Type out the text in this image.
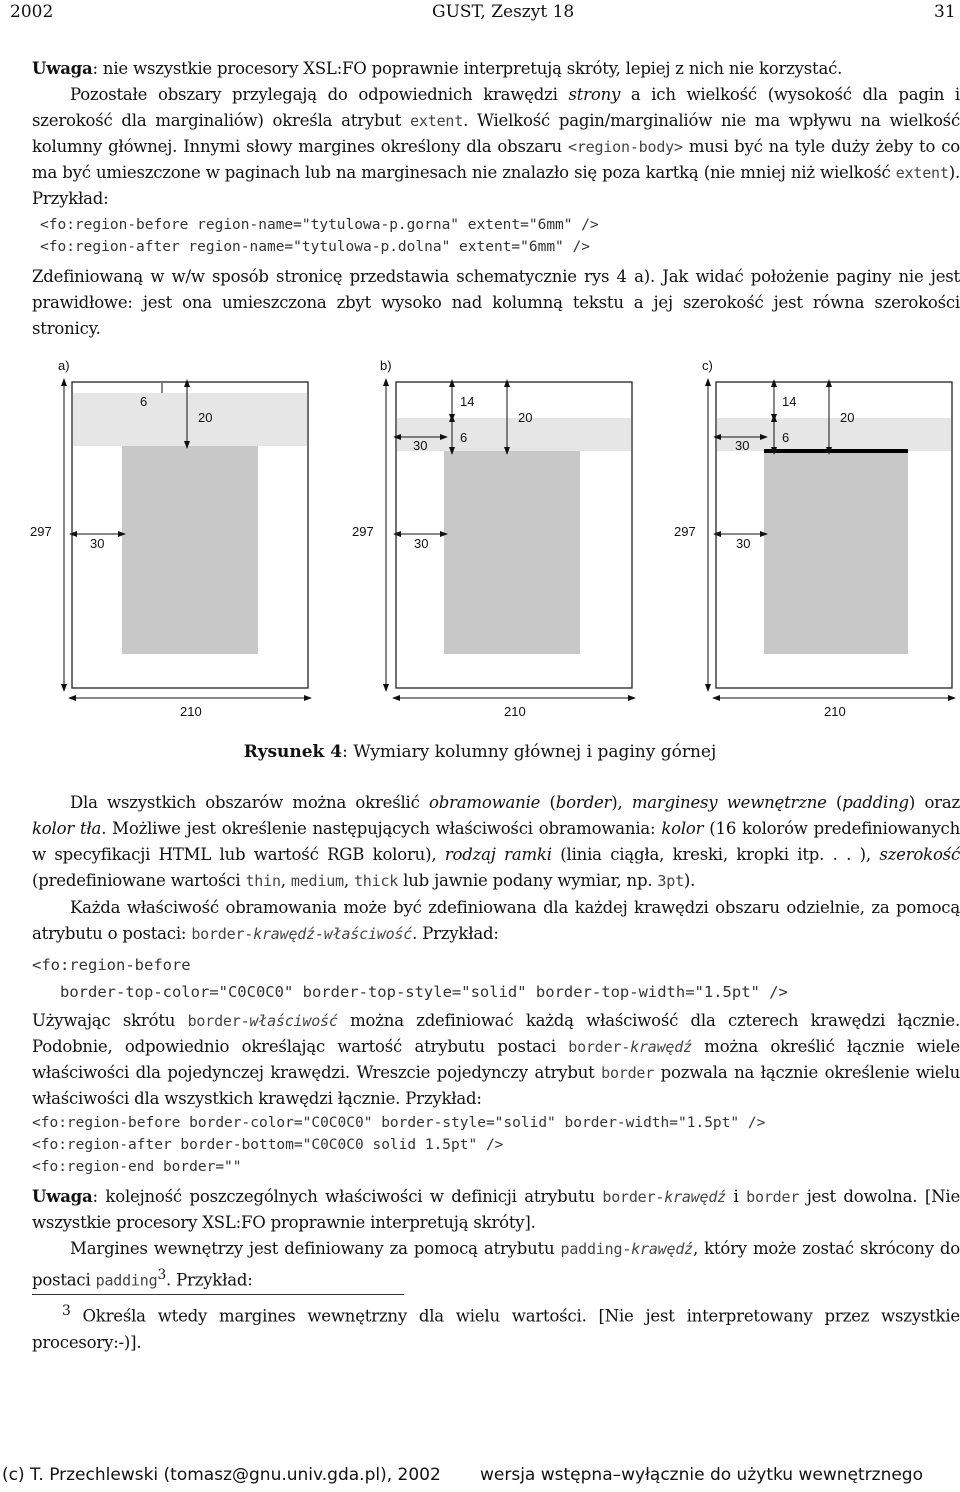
2002	GUST, Zeszyt 18	31

Uwaga: nie wszystkie procesory XSL:FO poprawnie interpretują skróty, lepiej z nich nie korzystać.

Pozostałe obszary przylegają do odpowiednich krawędzi strony a ich wielkość (wysokość dla pagin i szerokość dla marginaliów) określa atrybut extent. Wielkość pagin/marginaliów nie ma wpływu na wielkość kolumny głównej. Innymi słowy margines określony dla obszaru <region-body> musi być na tyle duży żeby to co ma być umieszczone w paginach lub na marginesach nie znalazło się poza kartką (nie mniej niż wielkość extent). Przykład:

<fo:region-before region-name="tytulowa-p.gorna" extent="6mm" />
<fo:region-after region-name="tytulowa-p.dolna" extent="6mm" />

Zdefiniowaną w w/w sposób stronicę przedstawia schematycznie rys 4 a). Jak widać położenie paginy nie jest prawidłowe: jest ona umieszczona zbyt wysoko nad kolumną tekstu a jej szerokość jest równa szerokości stronicy.

a)
6
20
297
30
210
b)
14
6
20
30
297
30
210
c)
14
6
20
30
297
30
210
Rysunek 4: Wymiary kolumny głównej i paginy górnej

Dla wszystkich obszarów można określić obramowanie (border), marginesy wewnętrzne (padding) oraz kolor tła. Możliwe jest określenie następujących właściwości obramowania: kolor (16 kolorów predefiniowanych w specyfikacji HTML lub wartość RGB koloru), rodzaj ramki (linia ciągła, kreski, kropki itp. . . ), szerokość (predefiniowane wartości thin, medium, thick lub jawnie podany wymiar, np. 3pt).

Każda właściwość obramowania może być zdefiniowana dla każdej krawędzi obszaru odzielnie, za pomocą atrybutu o postaci: border-krawędź-właściwość. Przykład:

<fo:region-before
border-top-color="C0C0C0" border-top-style="solid" border-top-width="1.5pt" />

Używając skrótu border-właściwość można zdefiniować każdą właściwość dla czterech krawędzi łącznie. Podobnie, odpowiednio określając wartość atrybutu postaci border-krawędź można określić łącznie wiele właściwości dla pojedynczej krawędzi. Wreszcie pojedynczy atrybut border pozwala na łącznie określenie wielu właściwości dla wszystkich krawędzi łącznie. Przykład:

<fo:region-before border-color="C0C0C0" border-style="solid" border-width="1.5pt" />
<fo:region-after border-bottom="C0C0C0 solid 1.5pt" />
<fo:region-end border=""

Uwaga: kolejność poszczególnych właściwości w definicji atrybutu border-krawędź i border jest dowolna. [Nie wszystkie procesory XSL:FO proprawnie interpretują skróty].

Margines wewnętrzy jest definiowany za pomocą atrybutu padding-krawędź, który może zostać skrócony do postaci padding$^3$. Przykład:

$^3$ Określa wtedy margines wewnętrzny dla wielu wartości. [Nie jest interpretowany przez wszystkie procesory:-)].

(c) T. Przechlewski (tomasz@gnu.univ.gda.pl), 2002 wersja wstępna–wyłącznie do użytku wewnętrznego
